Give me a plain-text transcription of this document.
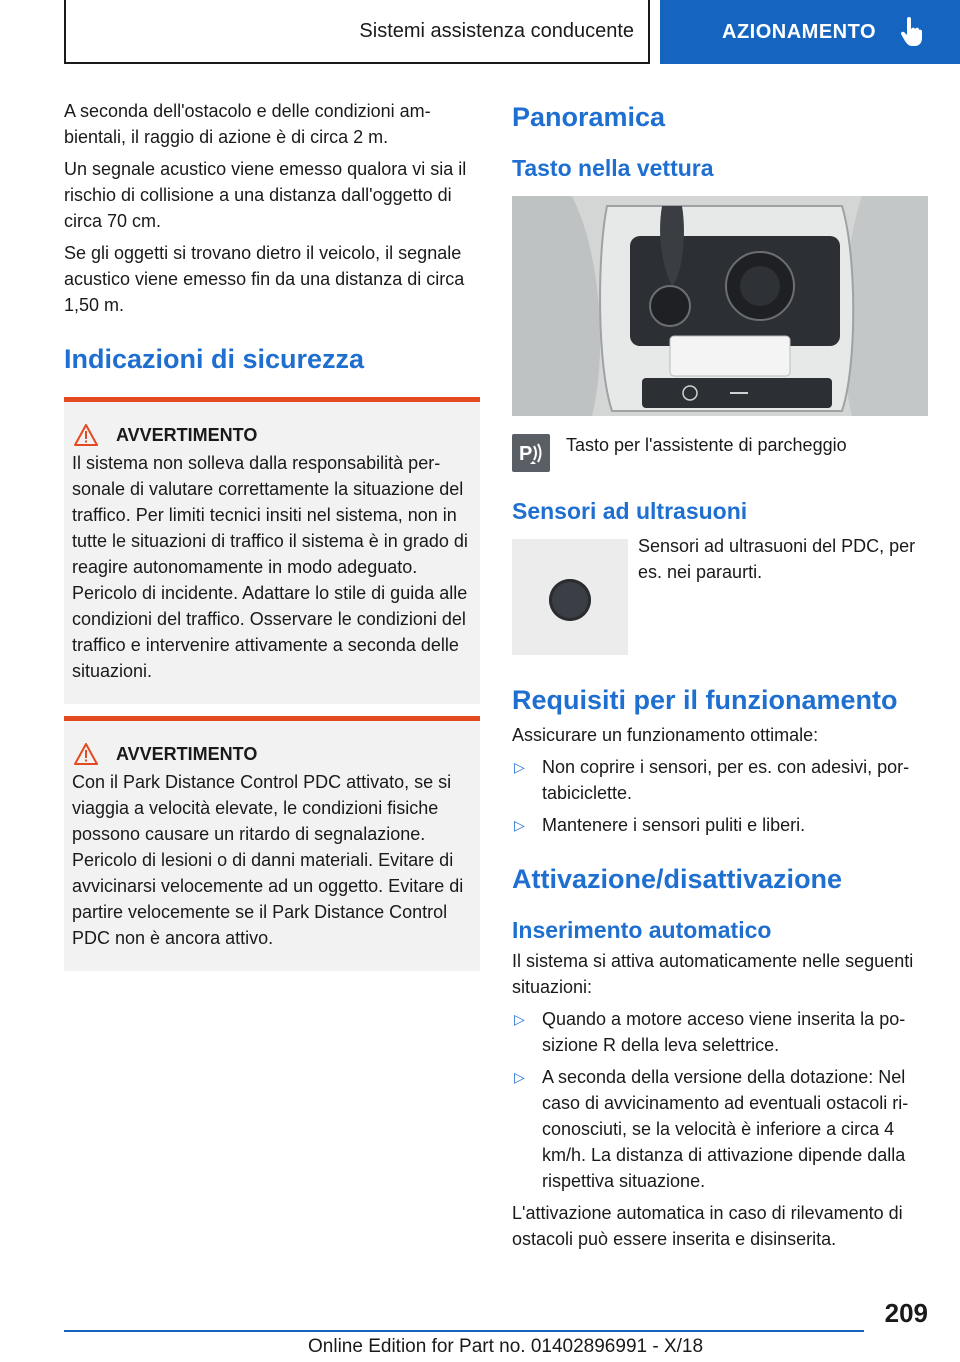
Sistemi assistenza conducente	AZIONAMENTO

A seconda dell'ostacolo e delle condizioni ambientali, il raggio di azione è di circa 2 m.

Un segnale acustico viene emesso qualora vi sia il rischio di collisione a una distanza dall'oggetto di circa 70 cm.

Se gli oggetti si trovano dietro il veicolo, il segnale acustico viene emesso fin da una distanza di circa 1,50 m.

Indicazioni di sicurezza
AVVERTIMENTO

Il sistema non solleva dalla responsabilità personale di valutare correttamente la situazione del traffico. Per limiti tecnici insiti nel sistema, non in tutte le situazioni di traffico il sistema è in grado di reagire autonomamente in modo adeguato. Pericolo di incidente. Adattare lo stile di guida alle condizioni del traffico. Osservare le condizioni del traffico e intervenire attivamente a seconda delle situazioni.

AVVERTIMENTO

Con il Park Distance Control PDC attivato, se si viaggia a velocità elevate, le condizioni fisiche possono causare un ritardo di segnalazione. Pericolo di lesioni o di danni materiali. Evitare di avvicinarsi velocemente ad un oggetto. Evitare di partire velocemente se il Park Distance Control PDC non è ancora attivo.

Panoramica
Tasto nella vettura
P Tasto per l'assistente di parcheggio

Sensori ad ultrasuoni

Sensori ad ultrasuoni del PDC, per es. nei paraurti.

Requisiti per il funzionamento

Assicurare un funzionamento ottimale:

▷ Non coprire i sensori, per es. con adesivi, portabiciclette.
▷ Mantenere i sensori puliti e liberi.
Attivazione/disattivazione
Inserimento automatico

Il sistema si attiva automaticamente nelle seguenti situazioni:

▷ Quando a motore acceso viene inserita la posizione R della leva selettrice.
▷ A seconda della versione della dotazione: Nel caso di avvicinamento ad eventuali ostacoli riconosciuti, se la velocità è inferiore a circa 4 km/h. La distanza di attivazione dipende dalla rispettiva situazione.

L'attivazione automatica in caso di rilevamento di ostacoli può essere inserita e disinserita.

209
Online Edition for Part no. 01402896991 - X/18
